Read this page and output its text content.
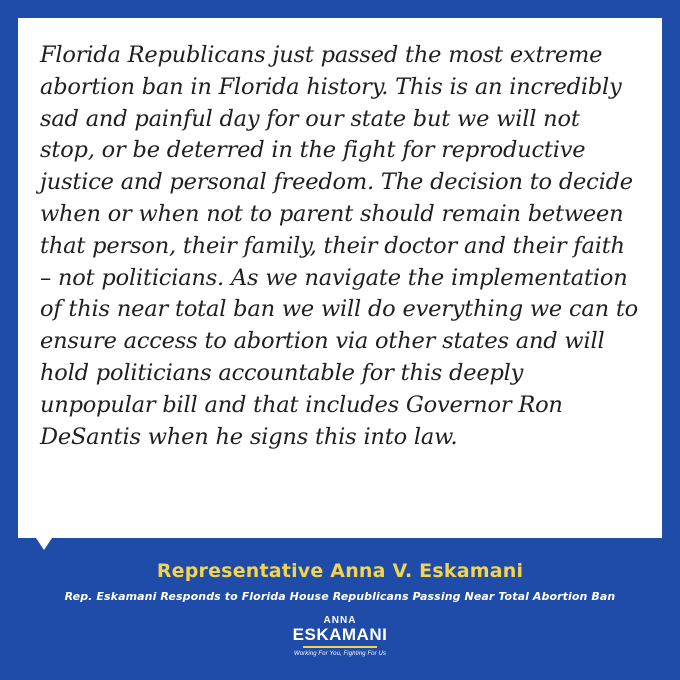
Florida Republicans just passed the most extreme abortion ban in Florida history. This is an incredibly sad and painful day for our state but we will not stop, or be deterred in the fight for reproductive justice and personal freedom. The decision to decide when or when not to parent should remain between that person, their family, their doctor and their faith – not politicians. As we navigate the implementation of this near total ban we will do everything we can to ensure access to abortion via other states and will hold politicians accountable for this deeply unpopular bill and that includes Governor Ron DeSantis when he signs this into law.

Representative Anna V. Eskamani
Rep. Eskamani Responds to Florida House Republicans Passing Near Total Abortion Ban
ANNA
ESKAMANI
Working For You, Fighting For Us
